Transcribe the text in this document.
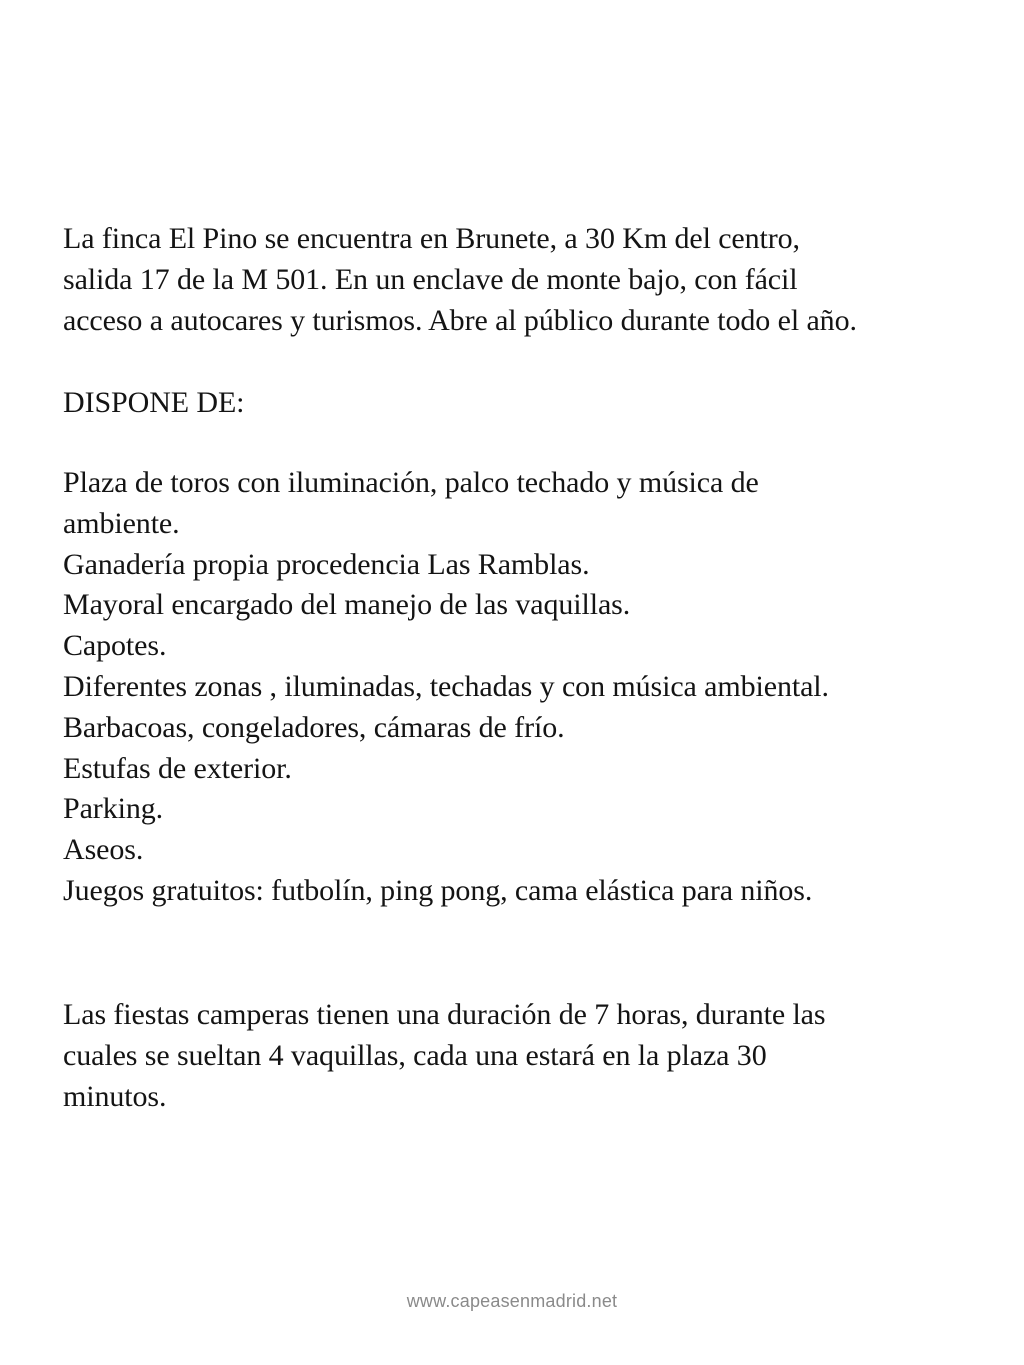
La finca El Pino se encuentra en Brunete, a 30 Km del centro,
salida 17 de la M 501. En un enclave de monte bajo, con fácil
acceso a autocares y turismos. Abre al público durante todo el año.
DISPONE DE:
Plaza de toros con iluminación, palco techado y música de
ambiente.
Ganadería propia procedencia Las Ramblas.
Mayoral encargado del manejo de las vaquillas.
Capotes.
Diferentes zonas , iluminadas, techadas y con música ambiental.
Barbacoas, congeladores, cámaras de frío.
Estufas de exterior.
Parking.
Aseos.
Juegos gratuitos: futbolín, ping pong, cama elástica para niños.
Las fiestas camperas tienen una duración de 7 horas, durante las
cuales se sueltan 4 vaquillas, cada una estará en la plaza 30
minutos.
www.capeasenmadrid.net
